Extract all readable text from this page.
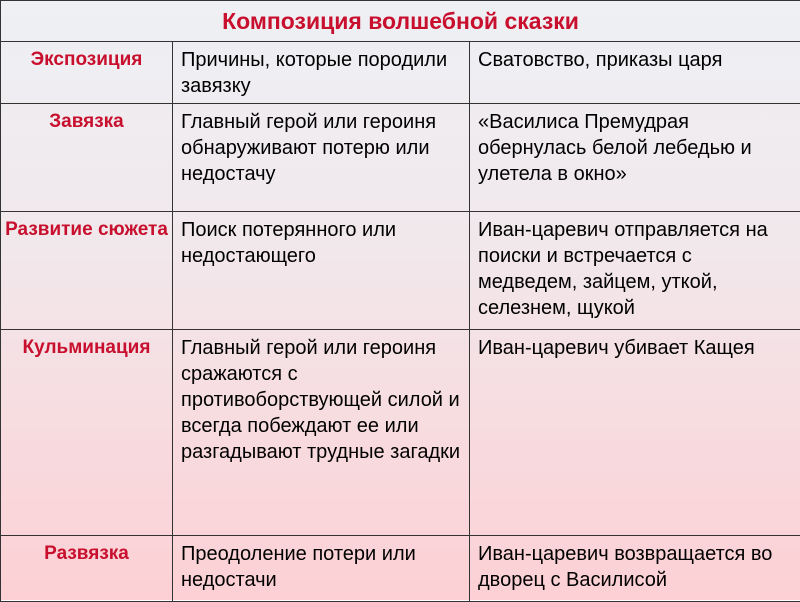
Композиция волшебной сказки		
Экспозиция	Причины, которые породили завязку	Сватовство, приказы царя
Завязка	Главный герой или героиня обнаруживают потерю или недостачу	«Василиса Премудрая обернулась белой лебедью и улетела в окно»
Развитие сюжета	Поиск потерянного или недостающего	Иван-царевич отправляется на поиски и встречается с медведем, зайцем, уткой, селезнем, щукой
Кульминация	Главный герой или героиня сражаются с противоборствующей силой и всегда побеждают ее или разгадывают трудные загадки	Иван-царевич убивает Кащея
Развязка	Преодоление потери или недостачи	Иван-царевич возвращается во дворец с Василисой
